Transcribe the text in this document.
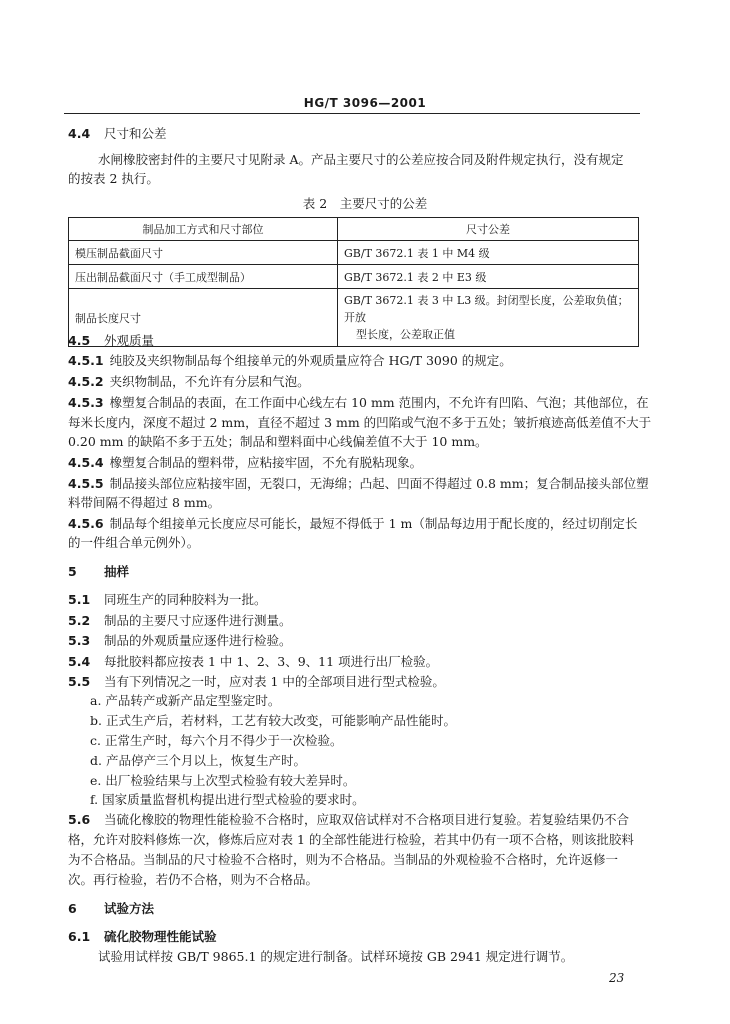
HG/T 3096—2001
4.4 尺寸和公差
水闸橡胶密封件的主要尺寸见附录 A。产品主要尺寸的公差应按合同及附件规定执行，没有规定
的按表 2 执行。
表 2　主要尺寸的公差
制品加工方式和尺寸部位	尺寸公差
模压制品截面尺寸	GB/T 3672.1 表 1 中 M4 级
压出制品截面尺寸（手工成型制品）	GB/T 3672.1 表 2 中 E3 级
制品长度尺寸	GB/T 3672.1 表 3 中 L3 级。封闭型长度，公差取负值；开放
型长度，公差取正值
4.5 外观质量
4.5.1 纯胶及夹织物制品每个组接单元的外观质量应符合 HG/T 3090 的规定。
4.5.2 夹织物制品，不允许有分层和气泡。
4.5.3 橡塑复合制品的表面，在工作面中心线左右 10 mm 范围内，不允许有凹陷、气泡；其他部位，在
每米长度内，深度不超过 2 mm，直径不超过 3 mm 的凹陷或气泡不多于五处；皱折痕迹高低差值不大于
0.20 mm 的缺陷不多于五处；制品和塑料面中心线偏差值不大于 10 mm。
4.5.4 橡塑复合制品的塑料带，应粘接牢固，不允有脱粘现象。
4.5.5 制品接头部位应粘接牢固，无裂口，无海绵；凸起、凹面不得超过 0.8 mm；复合制品接头部位塑
料带间隔不得超过 8 mm。
4.5.6 制品每个组接单元长度应尽可能长，最短不得低于 1 m（制品每边用于配长度的，经过切削定长
的一件组合单元例外）。
5 抽样
5.1 同班生产的同种胶料为一批。
5.2 制品的主要尺寸应逐件进行测量。
5.3 制品的外观质量应逐件进行检验。
5.4 每批胶料都应按表 1 中 1、2、3、9、11 项进行出厂检验。
5.5 当有下列情况之一时，应对表 1 中的全部项目进行型式检验。
a. 产品转产或新产品定型鉴定时。
b. 正式生产后，若材料，工艺有较大改变，可能影响产品性能时。
c. 正常生产时，每六个月不得少于一次检验。
d. 产品停产三个月以上，恢复生产时。
e. 出厂检验结果与上次型式检验有较大差异时。
f. 国家质量监督机构提出进行型式检验的要求时。
5.6 当硫化橡胶的物理性能检验不合格时，应取双倍试样对不合格项目进行复验。若复验结果仍不合
格，允许对胶料修炼一次，修炼后应对表 1 的全部性能进行检验，若其中仍有一项不合格，则该批胶料
为不合格品。当制品的尺寸检验不合格时，则为不合格品。当制品的外观检验不合格时，允许返修一
次。再行检验，若仍不合格，则为不合格品。
6 试验方法
6.1 硫化胶物理性能试验
试验用试样按 GB/T 9865.1 的规定进行制备。试样环境按 GB 2941 规定进行调节。
23
